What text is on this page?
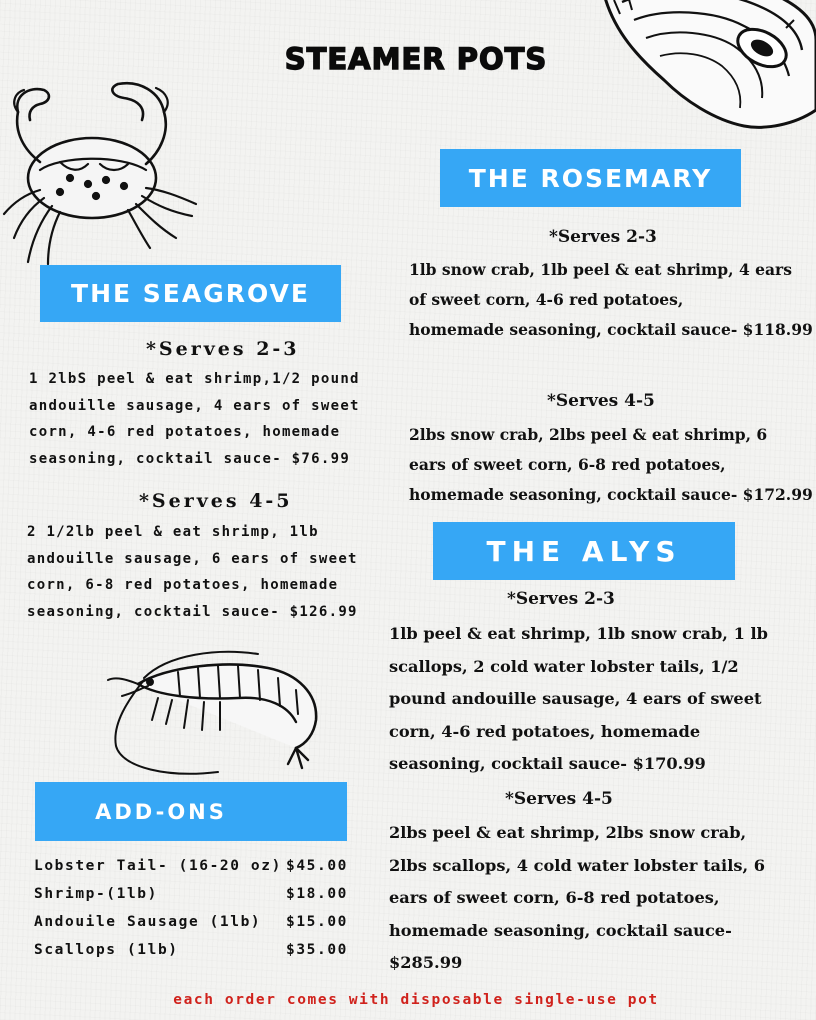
STEAMER POTS
THE ROSEMARY
*Serves 2-3
1lb snow crab, 1lb peel & eat shrimp, 4 ears
of sweet corn, 4-6 red potatoes,
homemade seasoning, cocktail sauce- $118.99
*Serves 4-5
2lbs snow crab, 2lbs peel & eat shrimp, 6
ears of sweet corn, 6-8 red potatoes,
homemade seasoning, cocktail sauce- $172.99
THE SEAGROVE
*Serves 2-3
1 2lbS peel & eat shrimp,1/2 pound
andouille sausage, 4 ears of sweet
corn, 4-6 red potatoes, homemade
seasoning, cocktail sauce- $76.99
*Serves 4-5
2 1/2lb peel & eat shrimp, 1lb
andouille sausage, 6 ears of sweet
corn, 6-8 red potatoes, homemade
seasoning, cocktail sauce- $126.99
THE ALYS
*Serves 2-3
1lb peel & eat shrimp, 1lb snow crab, 1 lb
scallops, 2 cold water lobster tails, 1/2
pound andouille sausage, 4 ears of sweet
corn, 4-6 red potatoes, homemade
seasoning, cocktail sauce- $170.99
*Serves 4-5
2lbs peel & eat shrimp, 2lbs snow crab,
2lbs scallops, 4 cold water lobster tails, 6
ears of sweet corn, 6-8 red potatoes,
homemade seasoning, cocktail sauce-
$285.99
ADD-ONS
Lobster Tail- (16-20 oz) $45.00
Shrimp-(1lb)	$18.00
Andouile Sausage (1lb) $15.00
Scallops (1lb)	$35.00
each order comes with disposable single-use pot
